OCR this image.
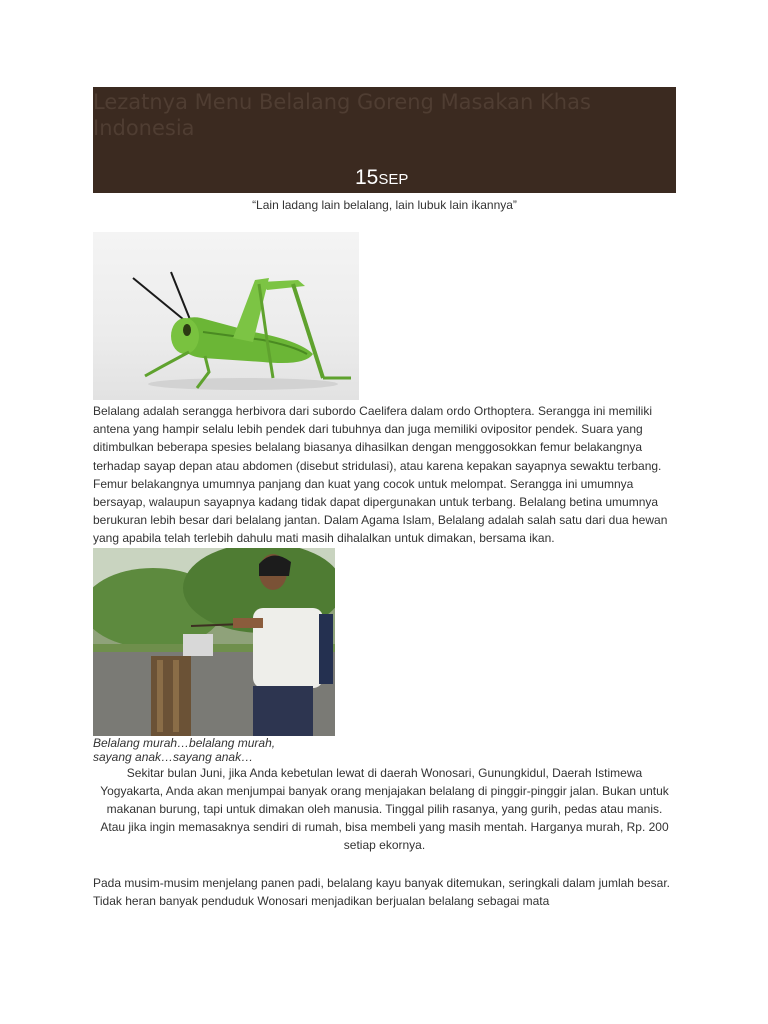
Lezatnya Menu Belalang Goreng Masakan Khas Indonesia
15SEP
“Lain ladang lain belalang, lain lubuk lain ikannya”

Belalang adalah serangga herbivora dari subordo Caelifera dalam ordo Orthoptera. Serangga ini memiliki antena yang hampir selalu lebih pendek dari tubuhnya dan juga memiliki ovipositor pendek. Suara yang ditimbulkan beberapa spesies belalang biasanya dihasilkan dengan menggosokkan femur belakangnya terhadap sayap depan atau abdomen (disebut stridulasi), atau karena kepakan sayapnya sewaktu terbang. Femur belakangnya umumnya panjang dan kuat yang cocok untuk melompat. Serangga ini umumnya bersayap, walaupun sayapnya kadang tidak dapat dipergunakan untuk terbang. Belalang betina umumnya berukuran lebih besar dari belalang jantan. Dalam Agama Islam, Belalang adalah salah satu dari dua hewan yang apabila telah terlebih dahulu mati masih dihalalkan untuk dimakan, bersama ikan.

Belalang murah…belalang murah,
sayang anak…sayang anak…

Sekitar bulan Juni, jika Anda kebetulan lewat di daerah Wonosari, Gunungkidul, Daerah Istimewa Yogyakarta, Anda akan menjumpai banyak orang menjajakan belalang di pinggir-pinggir jalan. Bukan untuk makanan burung, tapi untuk dimakan oleh manusia. Tinggal pilih rasanya, yang gurih, pedas atau manis. Atau jika ingin memasaknya sendiri di rumah, bisa membeli yang masih mentah. Harganya murah, Rp. 200 setiap ekornya.

Pada musim-musim menjelang panen padi, belalang kayu banyak ditemukan, seringkali dalam jumlah besar. Tidak heran banyak penduduk Wonosari menjadikan berjualan belalang sebagai mata
